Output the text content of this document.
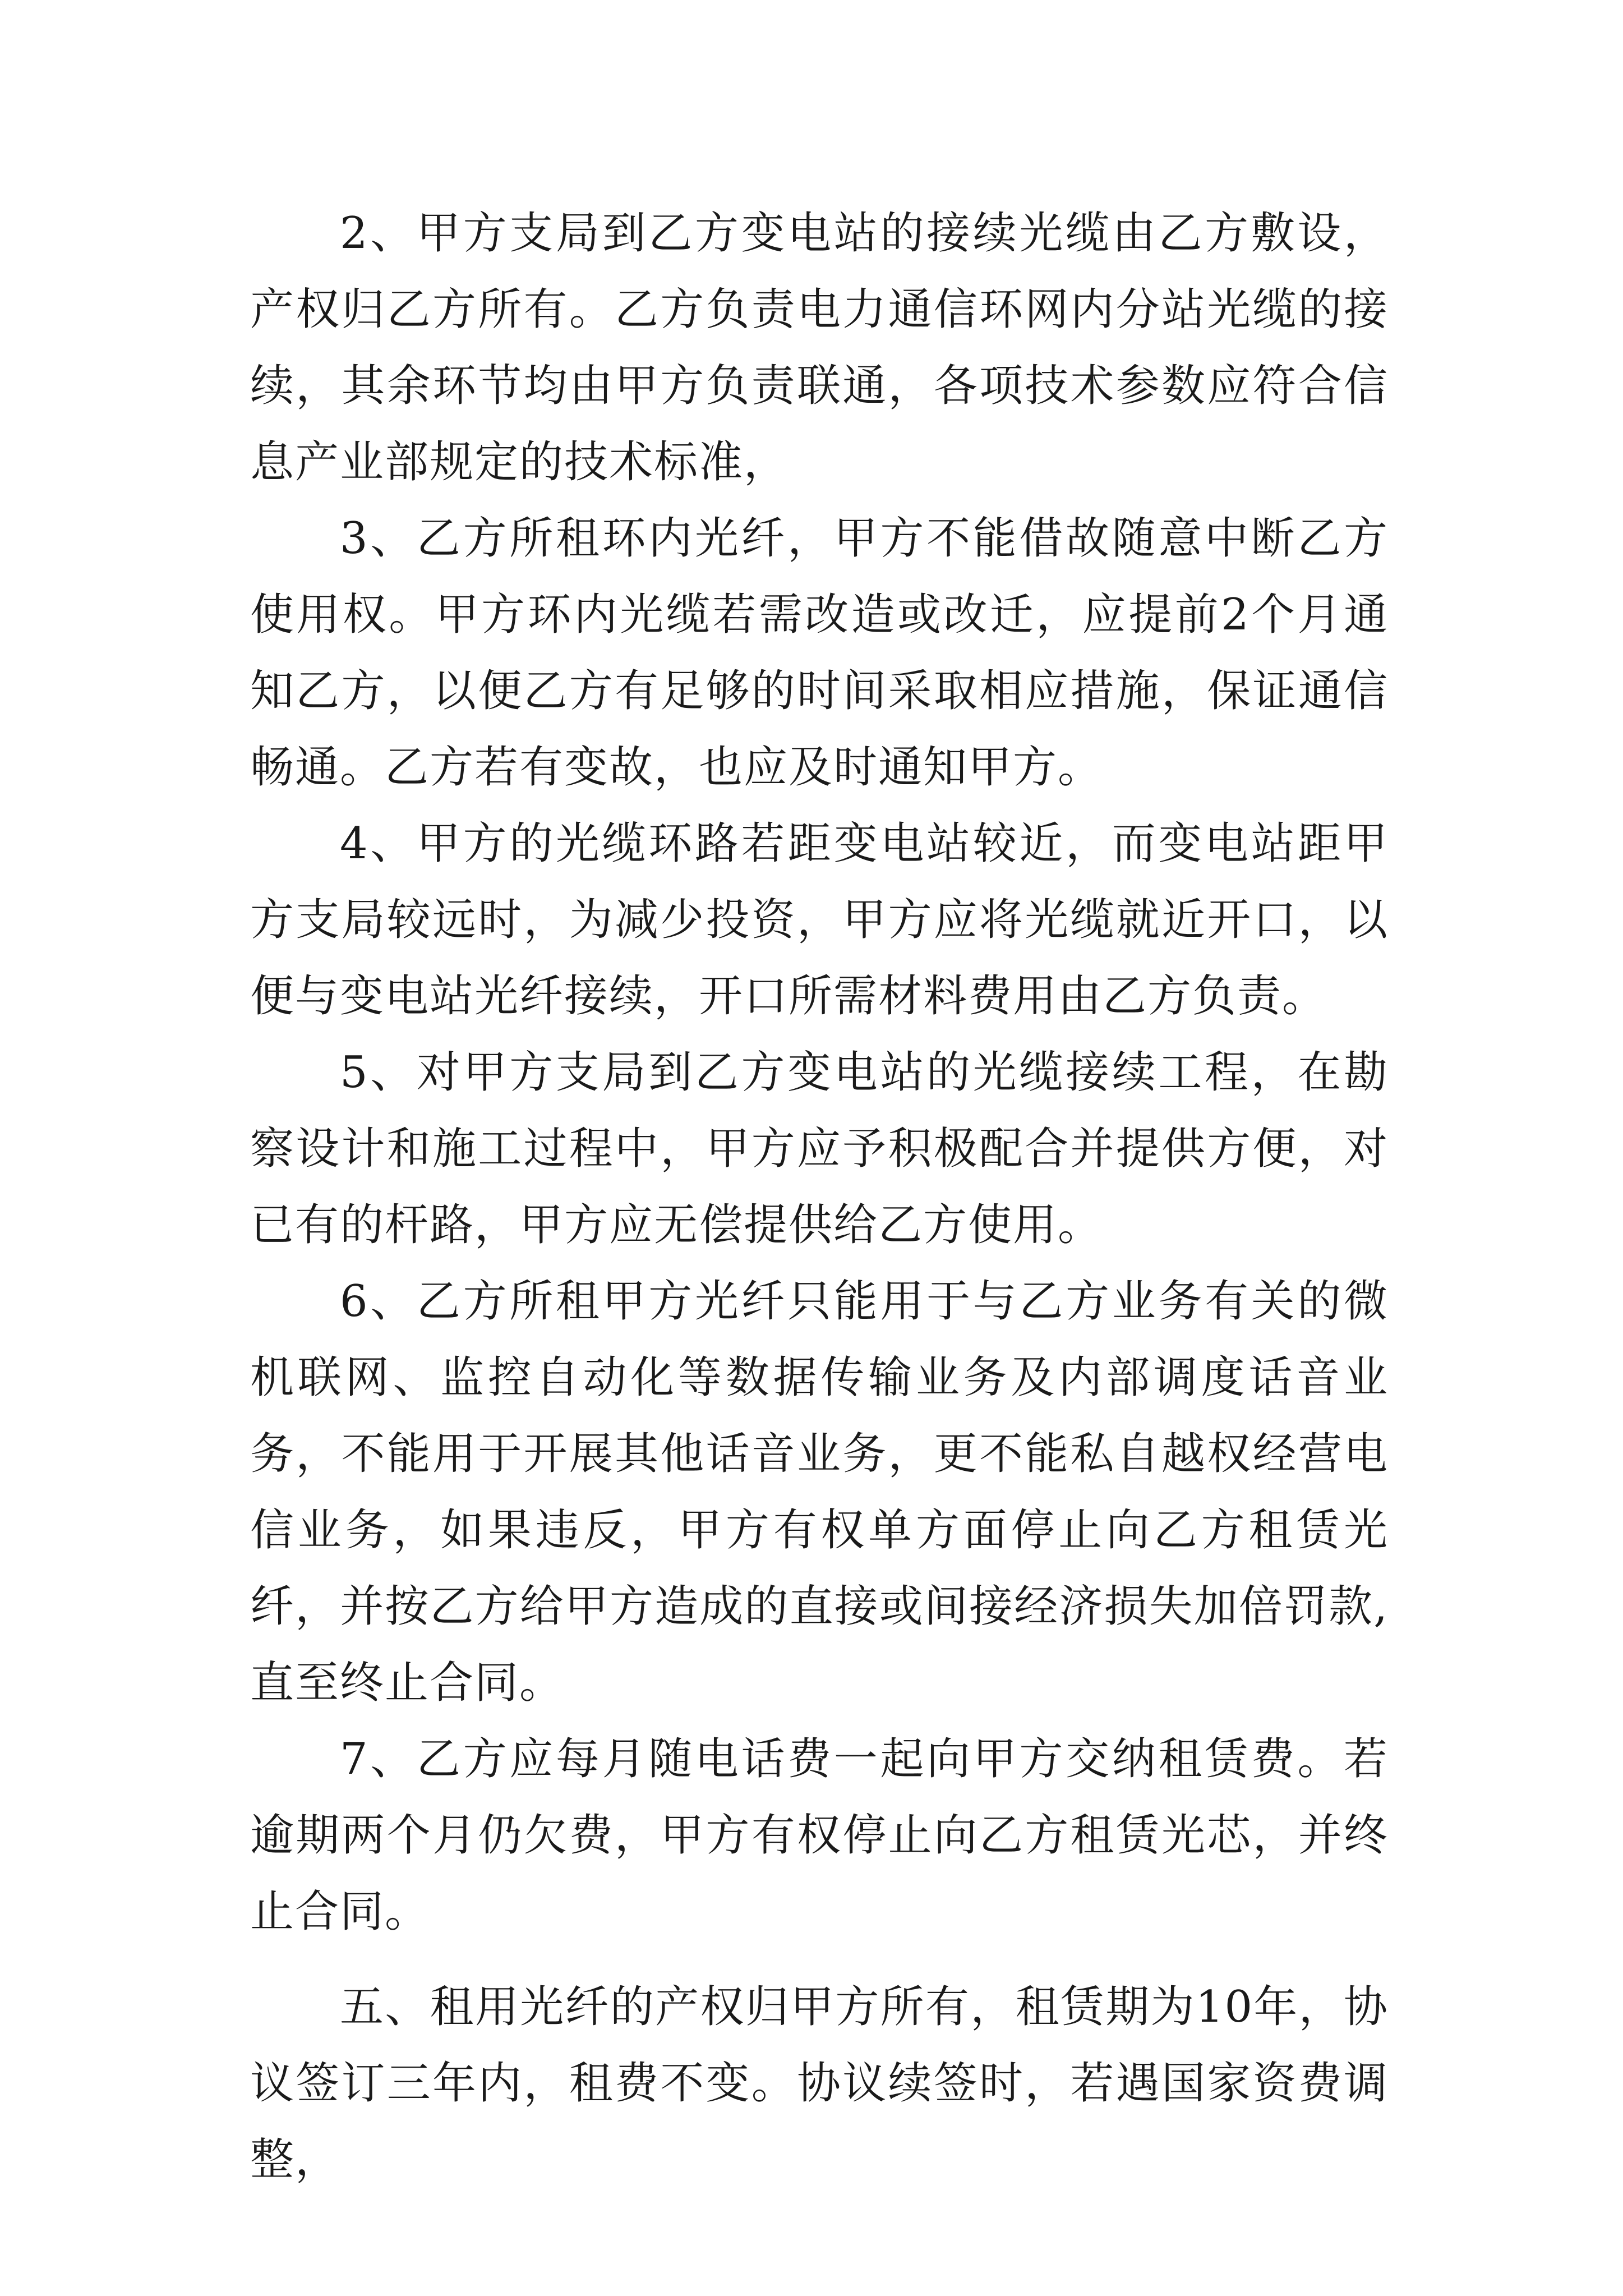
2、甲方支局到乙方变电站的接续光缆由乙方敷设，产权归乙方所有。乙方负责电力通信环网内分站光缆的接续，其余环节均由甲方负责联通，各项技术参数应符合信息产业部规定的技术标准，

3、乙方所租环内光纤，甲方不能借故随意中断乙方使用权。甲方环内光缆若需改造或改迁，应提前2个月通知乙方，以便乙方有足够的时间采取相应措施，保证通信畅通。乙方若有变故，也应及时通知甲方。

4、甲方的光缆环路若距变电站较近，而变电站距甲方支局较远时，为减少投资，甲方应将光缆就近开口，以便与变电站光纤接续，开口所需材料费用由乙方负责。

5、对甲方支局到乙方变电站的光缆接续工程，在勘察设计和施工过程中，甲方应予积极配合并提供方便，对已有的杆路，甲方应无偿提供给乙方使用。

6、乙方所租甲方光纤只能用于与乙方业务有关的微机联网、监控自动化等数据传输业务及内部调度话音业务，不能用于开展其他话音业务，更不能私自越权经营电信业务，如果违反，甲方有权单方面停止向乙方租赁光纤，并按乙方给甲方造成的直接或间接经济损失加倍罚款,直至终止合同。

7、乙方应每月随电话费一起向甲方交纳租赁费。若逾期两个月仍欠费，甲方有权停止向乙方租赁光芯，并终止合同。

五、租用光纤的产权归甲方所有，租赁期为10年，协议签订三年内，租费不变。协议续签时，若遇国家资费调整，
